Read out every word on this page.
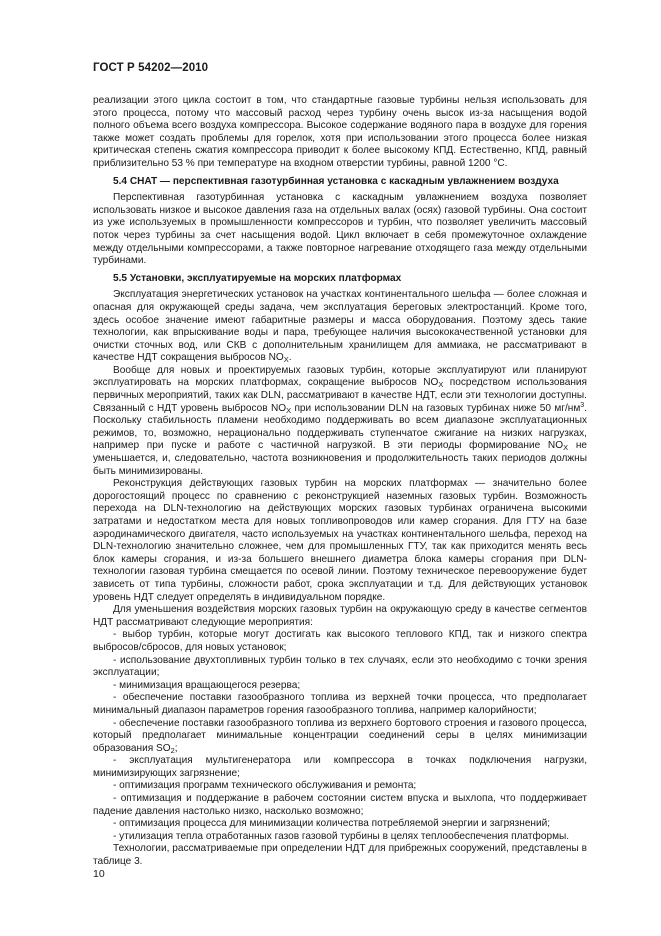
ГОСТ Р 54202—2010

реализации этого цикла состоит в том, что стандартные газовые турбины нельзя использовать для этого процесса, потому что массовый расход через турбину очень высок из-за насыщения водой полного объема всего воздуха компрессора. Высокое содержание водяного пара в воздухе для горения также может создать проблемы для горелок, хотя при использовании этого процесса более низкая критическая степень сжатия компрессора приводит к более высокому КПД. Естественно, КПД, равный приблизительно 53 % при температуре на входном отверстии турбины, равной 1200 °С.

5.4 CHAT — перспективная газотурбинная установка с каскадным увлажнением воздуха

Перспективная газотурбинная установка с каскадным увлажнением воздуха позволяет использовать низкое и высокое давления газа на отдельных валах (осях) газовой турбины. Она состоит из уже используемых в промышленности компрессоров и турбин, что позволяет увеличить массовый поток через турбины за счет насыщения водой. Цикл включает в себя промежуточное охлаждение между отдельными компрессорами, а также повторное нагревание отходящего газа между отдельными турбинами.

5.5 Установки, эксплуатируемые на морских платформах

Эксплуатация энергетических установок на участках континентального шельфа — более сложная и опасная для окружающей среды задача, чем эксплуатация береговых электростанций. Кроме того, здесь особое значение имеют габаритные размеры и масса оборудования. Поэтому здесь такие технологии, как впрыскивание воды и пара, требующее наличия высококачественной установки для очистки сточных вод, или СКВ с дополнительным хранилищем для аммиака, не рассматривают в качестве НДТ сокращения выбросов $NO_X$.

Вообще для новых и проектируемых газовых турбин, которые эксплуатируют или планируют эксплуатировать на морских платформах, сокращение выбросов $NO_X$ посредством использования первичных мероприятий, таких как DLN, рассматривают в качестве НДТ, если эти технологии доступны. Связанный с НДТ уровень выбросов $NO_X$ при использовании DLN на газовых турбинах ниже 50 $мг/нм^3$. Поскольку стабильность пламени необходимо поддерживать во всем диапазоне эксплуатационных режимов, то, возможно, нерационально поддерживать ступенчатое сжигание на низких нагрузках, например при пуске и работе с частичной нагрузкой. В эти периоды формирование $NO_X$ не уменьшается, и, следовательно, частота возникновения и продолжительность таких периодов должны быть минимизированы.

Реконструкция действующих газовых турбин на морских платформах — значительно более дорогостоящий процесс по сравнению с реконструкцией наземных газовых турбин. Возможность перехода на DLN-технологию на действующих морских газовых турбинах ограничена высокими затратами и недостатком места для новых топливопроводов или камер сгорания. Для ГТУ на базе аэродинамического двигателя, часто используемых на участках континентального шельфа, переход на DLN-технологию значительно сложнее, чем для промышленных ГТУ, так как приходится менять весь блок камеры сгорания, и из-за большего внешнего диаметра блока камеры сгорания при DLN-технологии газовая турбина смещается по осевой линии. Поэтому техническое перевооружение будет зависеть от типа турбины, сложности работ, срока эксплуатации и т.д. Для действующих установок уровень НДТ следует определять в индивидуальном порядке.

Для уменьшения воздействия морских газовых турбин на окружающую среду в качестве сегментов НДТ рассматривают следующие мероприятия:

- выбор турбин, которые могут достигать как высокого теплового КПД, так и низкого спектра выбросов/сбросов, для новых установок;

- использование двухтопливных турбин только в тех случаях, если это необходимо с точки зрения эксплуатации;

- минимизация вращающегося резерва;

- обеспечение поставки газообразного топлива из верхней точки процесса, что предполагает минимальный диапазон параметров горения газообразного топлива, например калорийности;

- обеспечение поставки газообразного топлива из верхнего бортового строения и газового процесса, который предполагает минимальные концентрации соединений серы в целях минимизации образования $SO_2$;

- эксплуатация мультигенератора или компрессора в точках подключения нагрузки, минимизирующих загрязнение;

- оптимизация программ технического обслуживания и ремонта;

- оптимизация и поддержание в рабочем состоянии систем впуска и выхлопа, что поддерживает падение давления настолько низко, насколько возможно;

- оптимизация процесса для минимизации количества потребляемой энергии и загрязнений;

- утилизация тепла отработанных газов газовой турбины в целях теплообеспечения платформы.

Технологии, рассматриваемые при определении НДТ для прибрежных сооружений, представлены в таблице 3.

10
